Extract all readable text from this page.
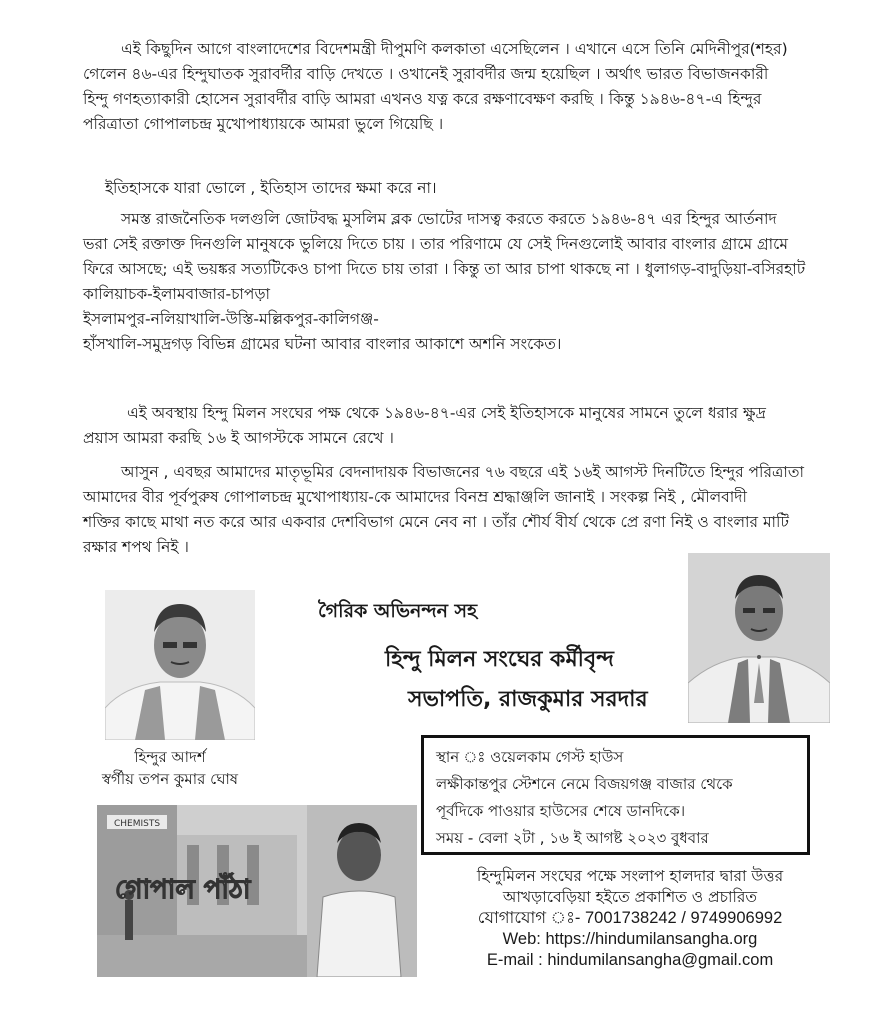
এই কিছুদিন আগে বাংলাদেশের বিদেশমন্ত্রী দীপুমণি কলকাতা এসেছিলেন । এখানে এসে তিনি মেদিনীপুর(শহর)
গেলেন ৪৬-এর হিন্দুঘাতক সুরাবর্দীর বাড়ি দেখতে । ওখানেই সুরাবর্দীর জন্ম হয়েছিল । অর্থাৎ ভারত বিভাজনকারী
হিন্দু গণহত্যাকারী হোসেন সুরাবর্দীর বাড়ি আমরা এখনও যত্ন করে রক্ষণাবেক্ষণ করছি । কিন্তু ১৯৪৬-৪৭-এ হিন্দুর
পরিত্রাতা গোপালচন্দ্র মুখোপাধ্যায়কে আমরা ভুলে গিয়েছি ।
ইতিহাসকে যারা ভোলে , ইতিহাস তাদের ক্ষমা করে না।
সমস্ত রাজনৈতিক দলগুলি জোটবদ্ধ মুসলিম ব্লক ভোটের দাসত্ব করতে করতে ১৯৪৬-৪৭ এর হিন্দুর আর্তনাদ
ভরা সেই রক্তাক্ত দিনগুলি মানুষকে ভুলিয়ে দিতে চায় । তার পরিণামে যে সেই দিনগুলোই আবার বাংলার গ্রামে গ্রামে
ফিরে আসছে; এই ভয়ঙ্কর সত্যটিকেও চাপা দিতে চায় তারা । কিন্তু তা আর চাপা থাকছে না । ধুলাগড়-বাদুড়িয়া-বসিরহাট
কালিয়াচক-ইলামবাজার-চাপড়া
ইসলামপুর-নলিয়াখালি-উস্তি-মল্লিকপুর-কালিগঞ্জ-
হাঁসখালি-সমুদ্রগড় বিভিন্ন গ্রামের ঘটনা আবার বাংলার আকাশে অশনি সংকেত।
এই অবস্থায় হিন্দু মিলন সংঘের পক্ষ থেকে ১৯৪৬-৪৭-এর সেই ইতিহাসকে মানুষের সামনে তুলে ধরার ক্ষুদ্র
প্রয়াস আমরা করছি ১৬ ই আগস্টকে সামনে রেখে ।
আসুন , এবছর আমাদের মাতৃভূমির বেদনাদায়ক বিভাজনের ৭৬ বছরে এই ১৬ই আগস্ট দিনটিতে হিন্দুর পরিত্রাতা
আমাদের বীর পূর্বপুরুষ গোপালচন্দ্র মুখোপাধ্যায়-কে আমাদের বিনম্র শ্রদ্ধাঞ্জলি জানাই । সংকল্প নিই , মৌলবাদী
শক্তির কাছে মাথা নত করে আর একবার দেশবিভাগ মেনে নেব না । তাঁর শৌর্য বীর্য থেকে প্রে রণা নিই ও বাংলার মাটি
রক্ষার শপথ নিই ।
হিন্দুর আদর্শ
স্বর্গীয় তপন কুমার ঘোষ
গৈরিক অভিনন্দন সহ
হিন্দু মিলন সংঘের কর্মীবৃন্দ
সভাপতি, রাজকুমার সরদার
CHEMISTS
গোপাল পাঁঠা
স্থান ঃ ওয়েলকাম গেস্ট হাউস
লক্ষীকান্তপুর স্টেশনে নেমে বিজয়গঞ্জ বাজার থেকে
পূর্বদিকে পাওয়ার হাউসের শেষে ডানদিকে।
সময় - বেলা ২টা , ১৬ ই আগষ্ট ২০২৩ বুধবার
হিন্দুমিলন সংঘের পক্ষে সংলাপ হালদার দ্বারা উত্তর
আখড়াবেড়িয়া হইতে প্রকাশিত ও প্রচারিত
যোগাযোগ ঃ- 7001738242 / 9749906992
Web: https://hindumilansangha.org
E-mail : hindumilansangha@gmail.com
